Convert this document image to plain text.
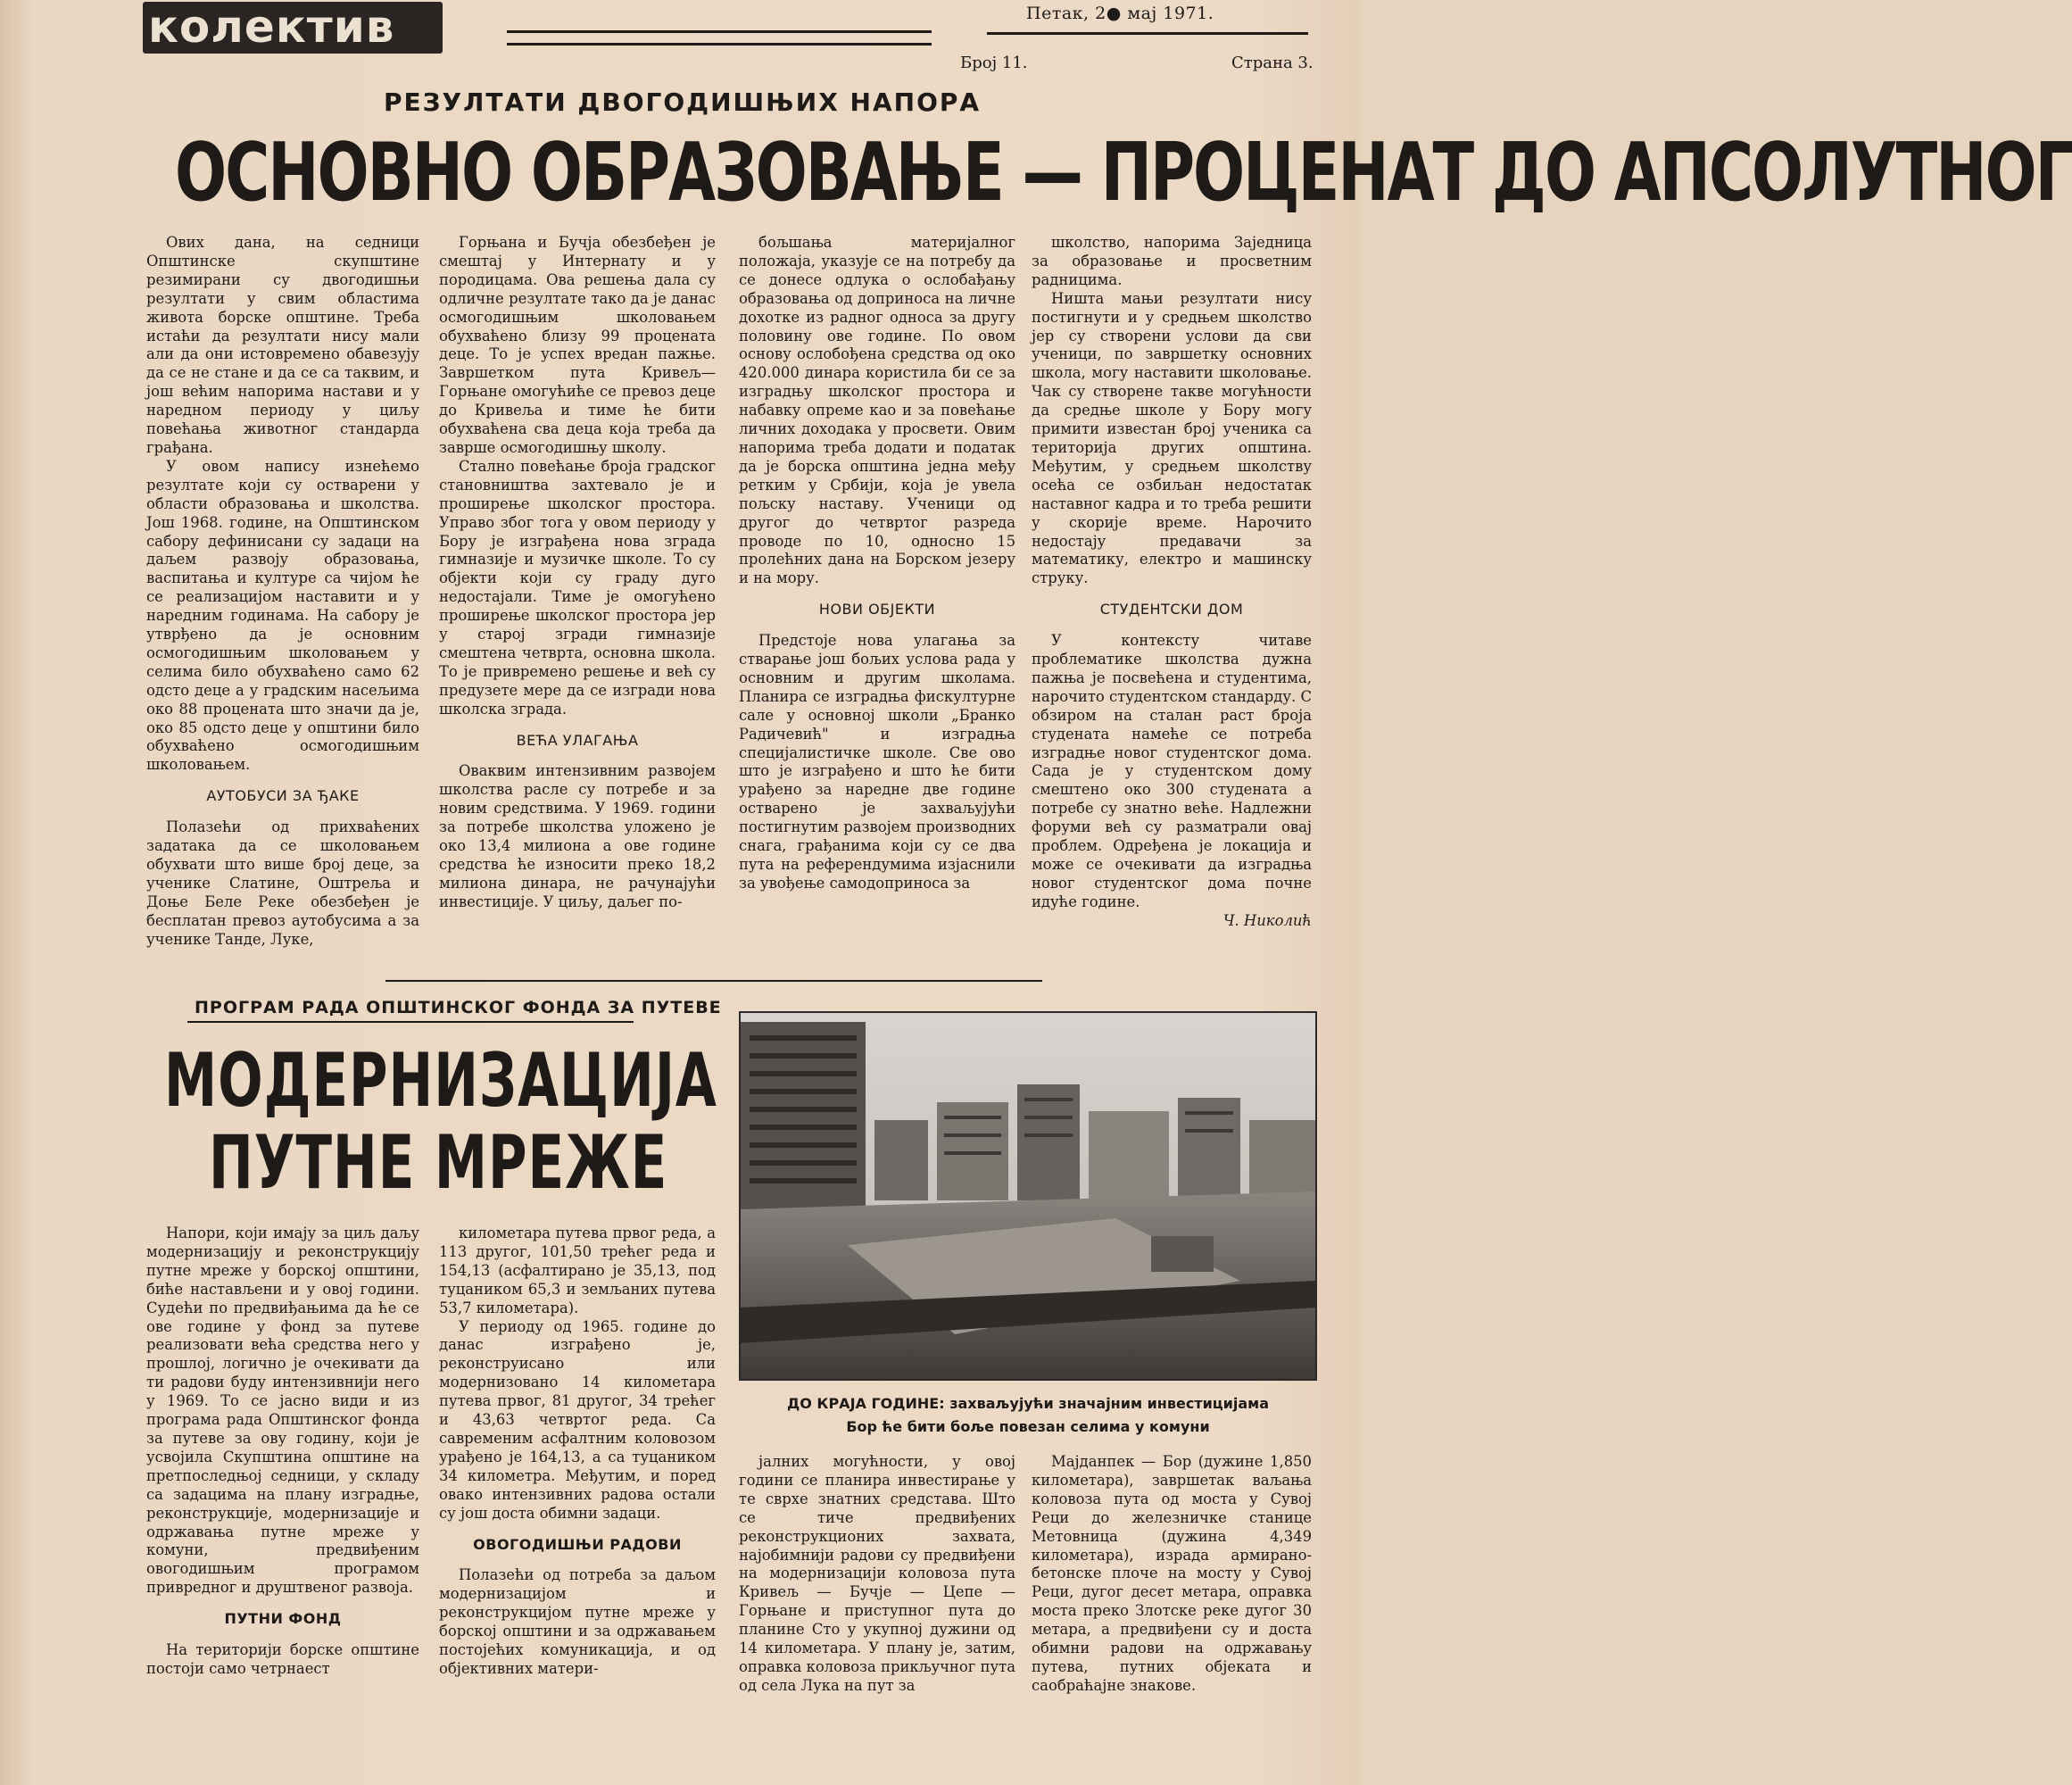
колектив	Петак, 2● мај 1971.
Број 11.	Страна 3.
РЕЗУЛТАТИ ДВОГОДИШЊИХ НАПОРА
ОСНОВНО ОБРАЗОВАЊЕ — ПРОЦЕНАТ ДО АПСОЛУТНОГ

Ових дана, на седници Општинске скупштине резимирани су двогодишњи резултати у свим областима живота борске општине. Треба истаћи да резултати нису мали али да они истовремено обавезују да се не стане и да се са таквим, и још већим напорима настави и у наредном периоду у циљу повећања животног стандарда грађана.

У овом напису изнећемо резултате који су остварени у области образовања и школства. Још 1968. године, на Општинском сабору дефинисани су задаци на даљем развоју образовања, васпитања и културе са чијом ће се реализацијом наставити и у наредним годинама. На сабору је утврђено да је основним осмогодишњим школовањем у селима било обухваћено само 62 одсто деце а у градским насељима око 88 процената што значи да је, око 85 одсто деце у општини било обухваћено осмогодишњим школовањем.

АУТОБУСИ ЗА ЂАКЕ

Полазећи од прихваћених задатака да се школовањем обухвати што више број деце, за ученике Слатине, Оштреља и Доње Беле Реке обезбеђен је бесплатан превоз аутобусима а за ученике Танде, Луке,

Горњана и Бучја обезбеђен је смештај у Интернату и у породицама. Ова решења дала су одличне резултате тако да је данас осмогодишњим школовањем обухваћено близу 99 процената деце. То је успех вредан пажње. Завршетком пута Кривељ—Горњане омогућиће се превоз деце до Кривеља и тиме ће бити обухваћена сва деца која треба да заврше осмогодишњу школу.

Стално повећање броја градског становништва захтевало је и проширење школског простора. Управо због тога у овом периоду у Бору је изграђена нова зграда гимназије и музичке школе. То су објекти који су граду дуго недостајали. Тиме је омогућено проширење школског простора јер у старој згради гимназије смештена четврта, основна школа. То је привремено решење и већ су предузете мере да се изгради нова школска зграда.

ВЕЋА УЛАГАЊА

Оваквим интензивним развојем школства расле су потребе и за новим средствима. У 1969. години за потребе школства уложено је око 13,4 милиона а ове године средства ће износити преко 18,2 милиона динара, не рачунајући инвестиције. У циљу, даљег по-

бољшања материјалног положаја, указује се на потребу да се донесе одлука о ослобађању образовања од доприноса на личне дохотке из радног односа за другу половину ове године. По овом основу ослобођена средства од око 420.000 динара користила би се за изградњу школског простора и набавку опреме као и за повећање личних доходака у просвети. Овим напорима треба додати и податак да је борска општина једна међу ретким у Србији, која је увела пољску наставу. Ученици од другог до четвртог разреда проводе по 10, односно 15 пролећних дана на Борском језеру и на мору.

НОВИ ОБЈЕКТИ

Предстоје нова улагања за стварање још бољих услова рада у основним и другим школама. Планира се изградња фискултурне сале у основној школи „Бранко Радичевић" и изградња специјалистичке школе. Све ово што је изграђено и што ће бити урађено за наредне две године остварено је захваљујући постигнутим развојем производних снага, грађанима који су се два пута на референдумима изјаснили за увођење самодоприноса за

школство, напорима Заједница за образовање и просветним радницима.

Ништа мањи резултати нису постигнути и у средњем школство јер су створени услови да сви ученици, по завршетку основних школа, могу наставити школовање. Чак су створене такве могућности да средње школе у Бору могу примити известан број ученика са територија других општина. Међутим, у средњем школству осећа се озбиљан недостатак наставног кадра и то треба решити у скорије време. Нарочито недостају предавачи за математику, електро и машинску струку.

СТУДЕНТСКИ ДОМ

У контексту читаве проблематике школства дужна пажња је посвећена и студентима, нарочито студентском стандарду. С обзиром на сталан раст броја студената намеће се потреба изградње новог студентског дома. Сада је у студентском дому смештено око 300 студената а потребе су знатно веће. Надлежни форуми већ су разматрали овај проблем. Одређена је локација и може се очекивати да изградња новог студентског дома почне идуће године.

Ч. Николић

ПРОГРАМ РАДА ОПШТИНСКОГ ФОНДА ЗА ПУТЕВЕ
МОДЕРНИЗАЦИЈА
ПУТНЕ МРЕЖЕ

Напори, који имају за циљ даљу модернизацију и реконструкцију путне мреже у борској општини, биће настављени и у овој години. Судећи по предвиђањима да ће се ове године у фонд за путеве реализовати већа средства него у прошлој, логично је очекивати да ти радови буду интензивнији него у 1969. То се јасно види и из програма рада Општинског фонда за путеве за ову годину, који је усвојила Скупштина општине на претпоследњој седници, у складу са задацима на плану изградње, реконструкције, модернизације и одржавања путне мреже у комуни, предвиђеним овогодишњим програмом привредног и друштвеног развоја.

ПУТНИ ФОНД

На територији борске општине постоји само четрнаест

километара путева првог реда, а 113 другог, 101,50 трећег реда и 154,13 (асфалтирано је 35,13, под туцаником 65,3 и земљаних путева 53,7 километара).

У периоду од 1965. године до данас изграђено је, реконструисано или модернизовано 14 километара путева првог, 81 другог, 34 трећег и 43,63 четвртог реда. Са савременим асфалтним коловозом урађено је 164,13, а са туцаником 34 километра. Међутим, и поред овако интензивних радова остали су још доста обимни задаци.

ОВОГОДИШЊИ РАДОВИ

Полазећи од потреба за даљом модернизацијом и реконструкцијом путне мреже у борској општини и за одржавањем постојећих комуникација, и од објективних матери-

ДО КРАЈА ГОДИНЕ: захваљујући значајним инвестицијама
Бор ће бити боље повезан селима у комуни

јалних могућности, у овој години се планира инвестирање у те сврхе знатних средстава. Што се тиче предвиђених реконструкционих захвата, најобимнији радови су предвиђени на модернизацији коловоза пута Кривељ — Бучје — Цепе — Горњане и приступног пута до планине Сто у укупној дужини од 14 километара. У плану је, затим, оправка коловоза прикључног пута од села Лука на пут за

Мајданпек — Бор (дужине 1,850 километара), завршетак ваљања коловоза пута од моста у Сувој Реци до железничке станице Метовница (дужина 4,349 километара), израда армирано-бетонске плоче на мосту у Сувој Реци, дугог десет метара, оправка моста преко Злотске реке дугог 30 метара, а предвиђени су и доста обимни радови на одржавању путева, путних објеката и саобраћајне знакове.
